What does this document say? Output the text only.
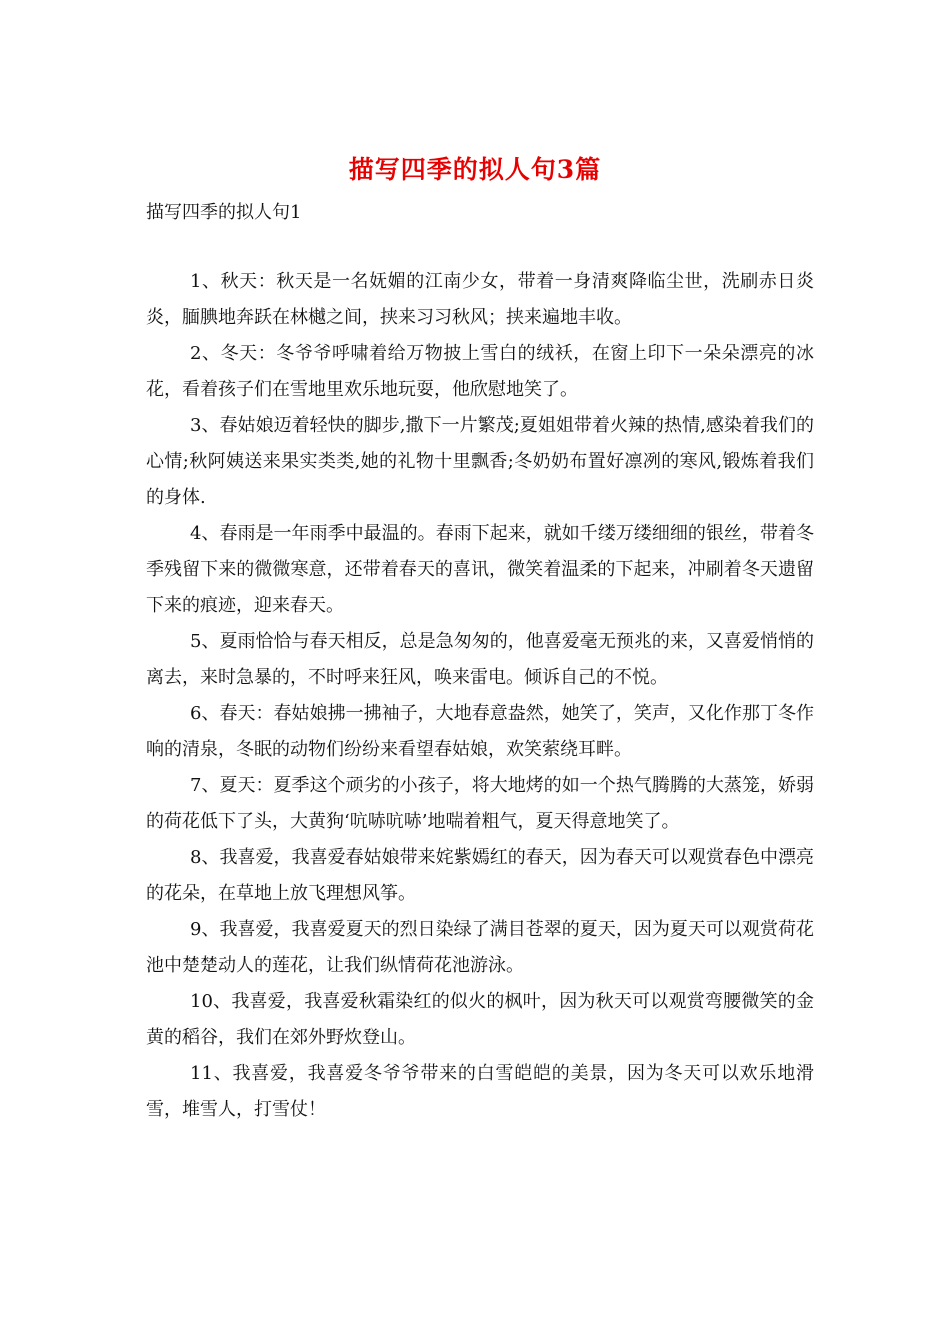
描写四季的拟人句3篇
描写四季的拟人句1

1、秋天：秋天是一名妩媚的江南少女，带着一身清爽降临尘世，洗刷赤日炎炎，腼腆地奔跃在林樾之间，挟来习习秋风；挟来遍地丰收。

2、冬天：冬爷爷呼啸着给万物披上雪白的绒袄，在窗上印下一朵朵漂亮的冰花，看着孩子们在雪地里欢乐地玩耍，他欣慰地笑了。

3、春姑娘迈着轻快的脚步,撒下一片繁茂;夏姐姐带着火辣的热情,感染着我们的心情;秋阿姨送来果实类类,她的礼物十里飘香;冬奶奶布置好凛冽的寒风,锻炼着我们的身体.

4、春雨是一年雨季中最温的。春雨下起来，就如千缕万缕细细的银丝，带着冬季残留下来的微微寒意，还带着春天的喜讯，微笑着温柔的下起来，冲刷着冬天遗留下来的痕迹，迎来春天。

5、夏雨恰恰与春天相反，总是急匆匆的，他喜爱毫无预兆的来，又喜爱悄悄的离去，来时急暴的，不时呼来狂风，唤来雷电。倾诉自己的不悦。

6、春天：春姑娘拂一拂袖子，大地春意盎然，她笑了，笑声，又化作那丁冬作响的清泉，冬眠的动物们纷纷来看望春姑娘，欢笑萦绕耳畔。

7、夏天：夏季这个顽劣的小孩子，将大地烤的如一个热气腾腾的大蒸笼，娇弱的荷花低下了头，大黄狗‘吭哧吭哧’地喘着粗气，夏天得意地笑了。

8、我喜爱，我喜爱春姑娘带来姹紫嫣红的春天，因为春天可以观赏春色中漂亮的花朵，在草地上放飞理想风筝。

9、我喜爱，我喜爱夏天的烈日染绿了满目苍翠的夏天，因为夏天可以观赏荷花池中楚楚动人的莲花，让我们纵情荷花池游泳。

10、我喜爱，我喜爱秋霜染红的似火的枫叶，因为秋天可以观赏弯腰微笑的金黄的稻谷，我们在郊外野炊登山。

11、我喜爱，我喜爱冬爷爷带来的白雪皑皑的美景，因为冬天可以欢乐地滑雪，堆雪人，打雪仗！
